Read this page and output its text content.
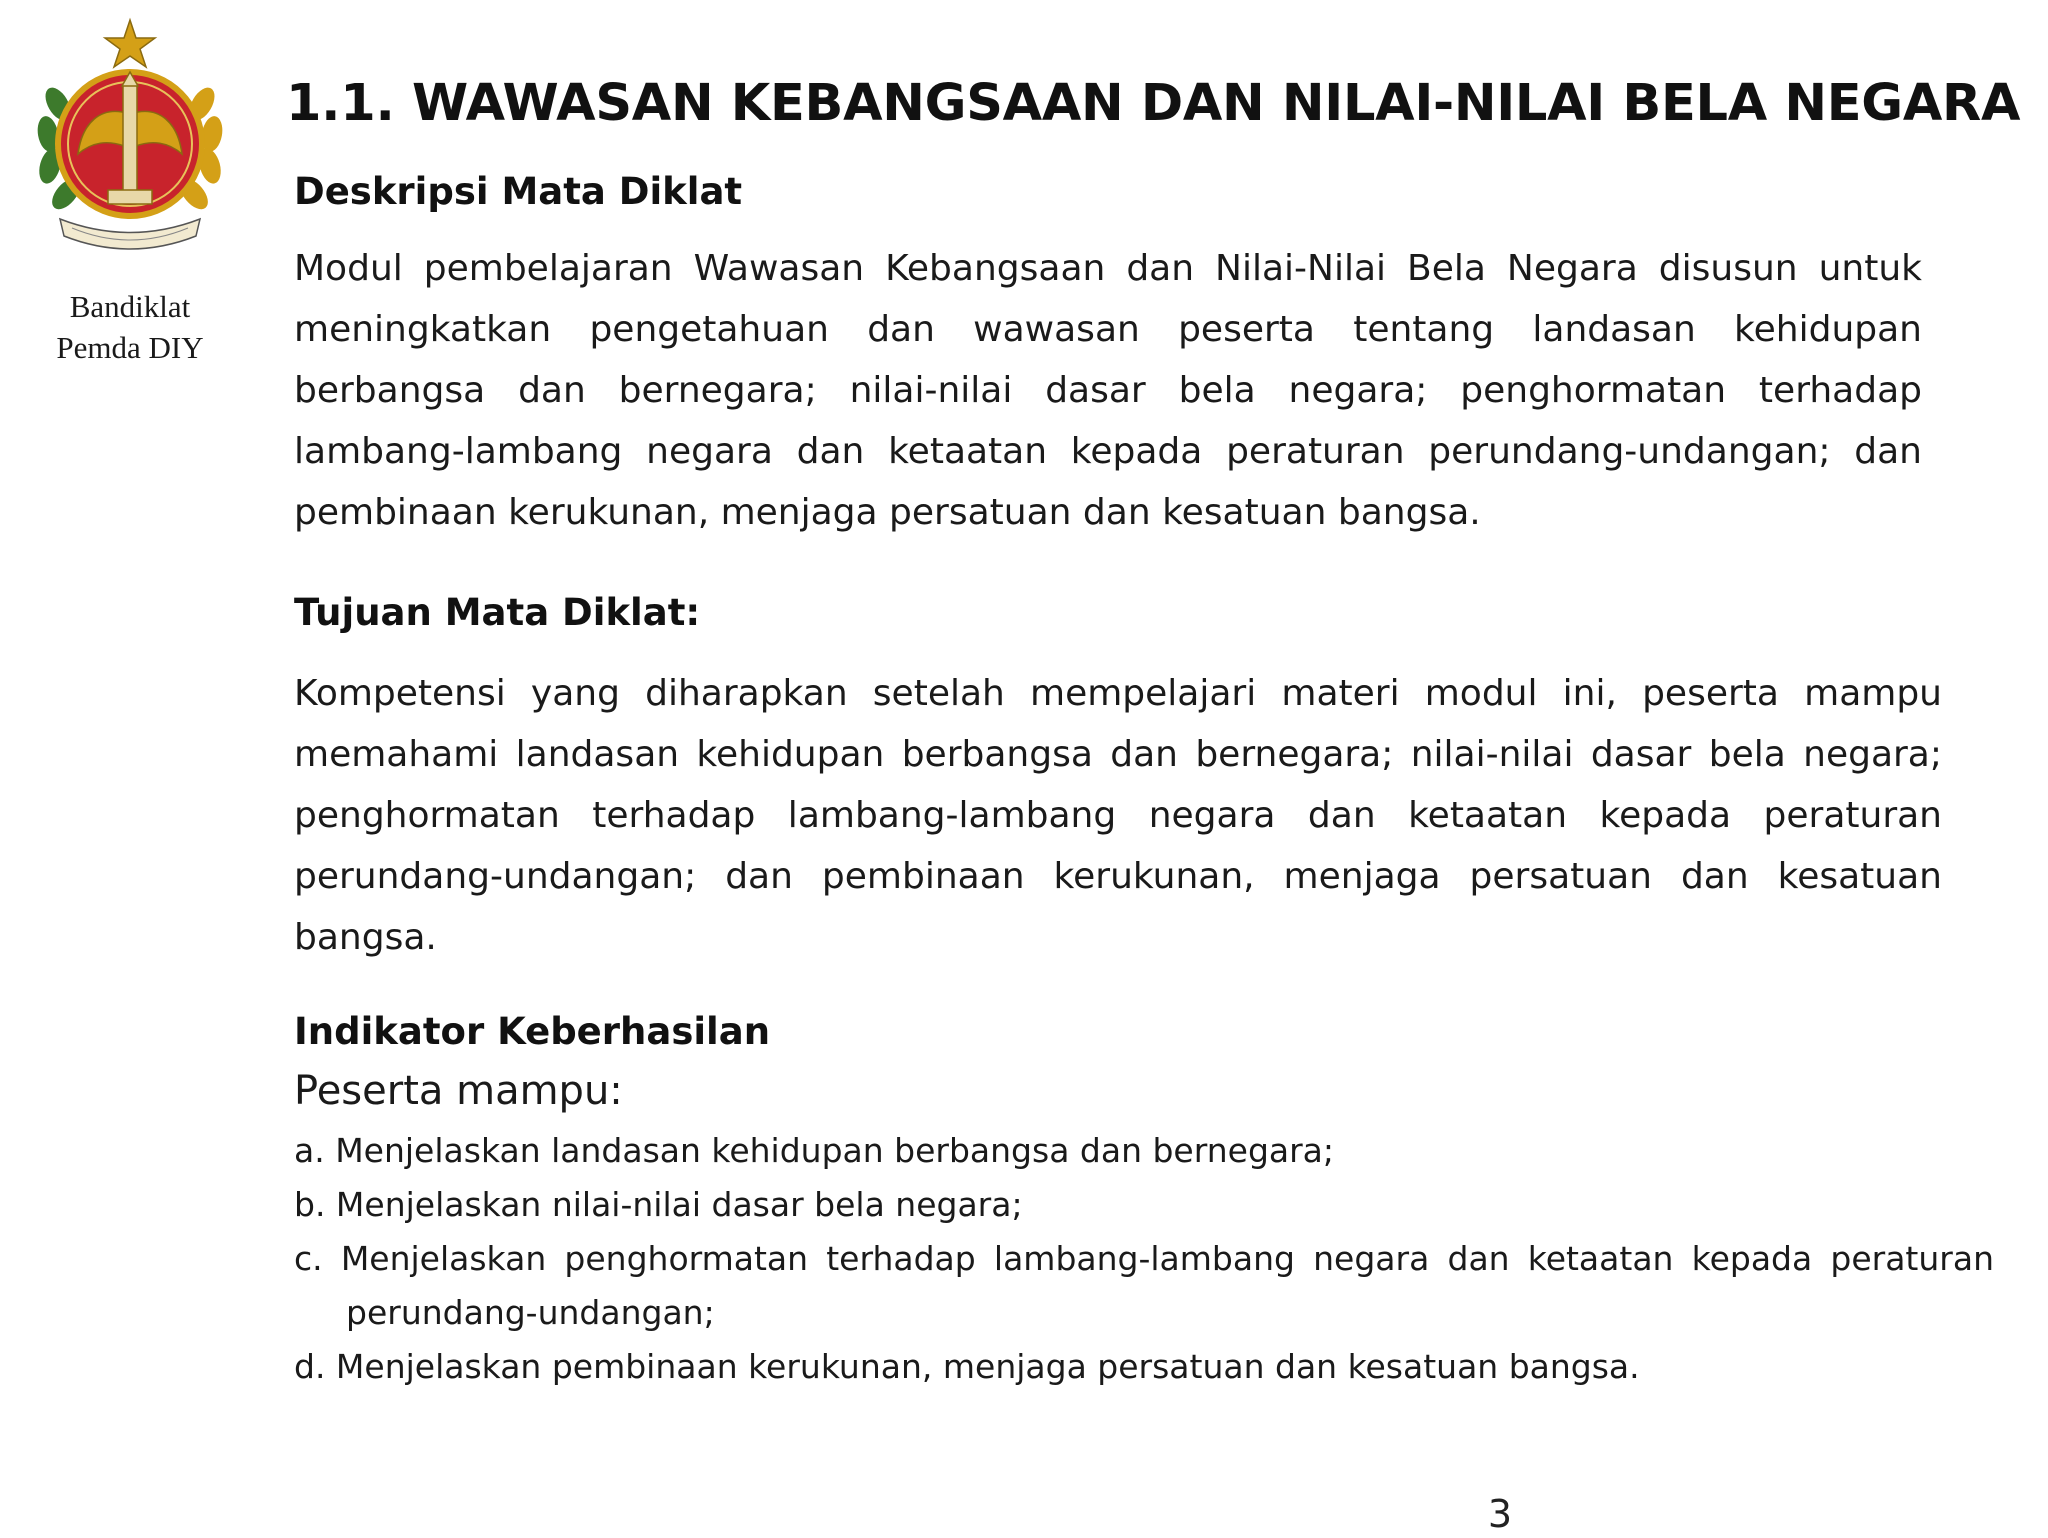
Bandiklat
Pemda DIY
1.1. WAWASAN KEBANGSAAN DAN NILAI-NILAI BELA NEGARA
Deskripsi Mata Diklat

Modul pembelajaran Wawasan Kebangsaan dan Nilai-Nilai Bela Negara disusun untuk meningkatkan pengetahuan dan wawasan peserta tentang landasan kehidupan berbangsa dan bernegara; nilai-nilai dasar bela negara; penghormatan terhadap lambang-lambang negara dan ketaatan kepada peraturan perundang-undangan; dan pembinaan kerukunan, menjaga persatuan dan kesatuan bangsa.

Tujuan Mata Diklat:

Kompetensi yang diharapkan setelah mempelajari materi modul ini, peserta mampu memahami landasan kehidupan berbangsa dan bernegara; nilai-nilai dasar bela negara; penghormatan terhadap lambang-lambang negara dan ketaatan kepada peraturan perundang-undangan; dan pembinaan kerukunan, menjaga persatuan dan kesatuan bangsa.

Indikator Keberhasilan

Peserta mampu:

a. Menjelaskan landasan kehidupan berbangsa dan bernegara;
b. Menjelaskan nilai-nilai dasar bela negara;
c. Menjelaskan penghormatan terhadap lambang-lambang negara dan ketaatan kepada peraturan perundang-undangan;
d. Menjelaskan pembinaan kerukunan, menjaga persatuan dan kesatuan bangsa.
3
